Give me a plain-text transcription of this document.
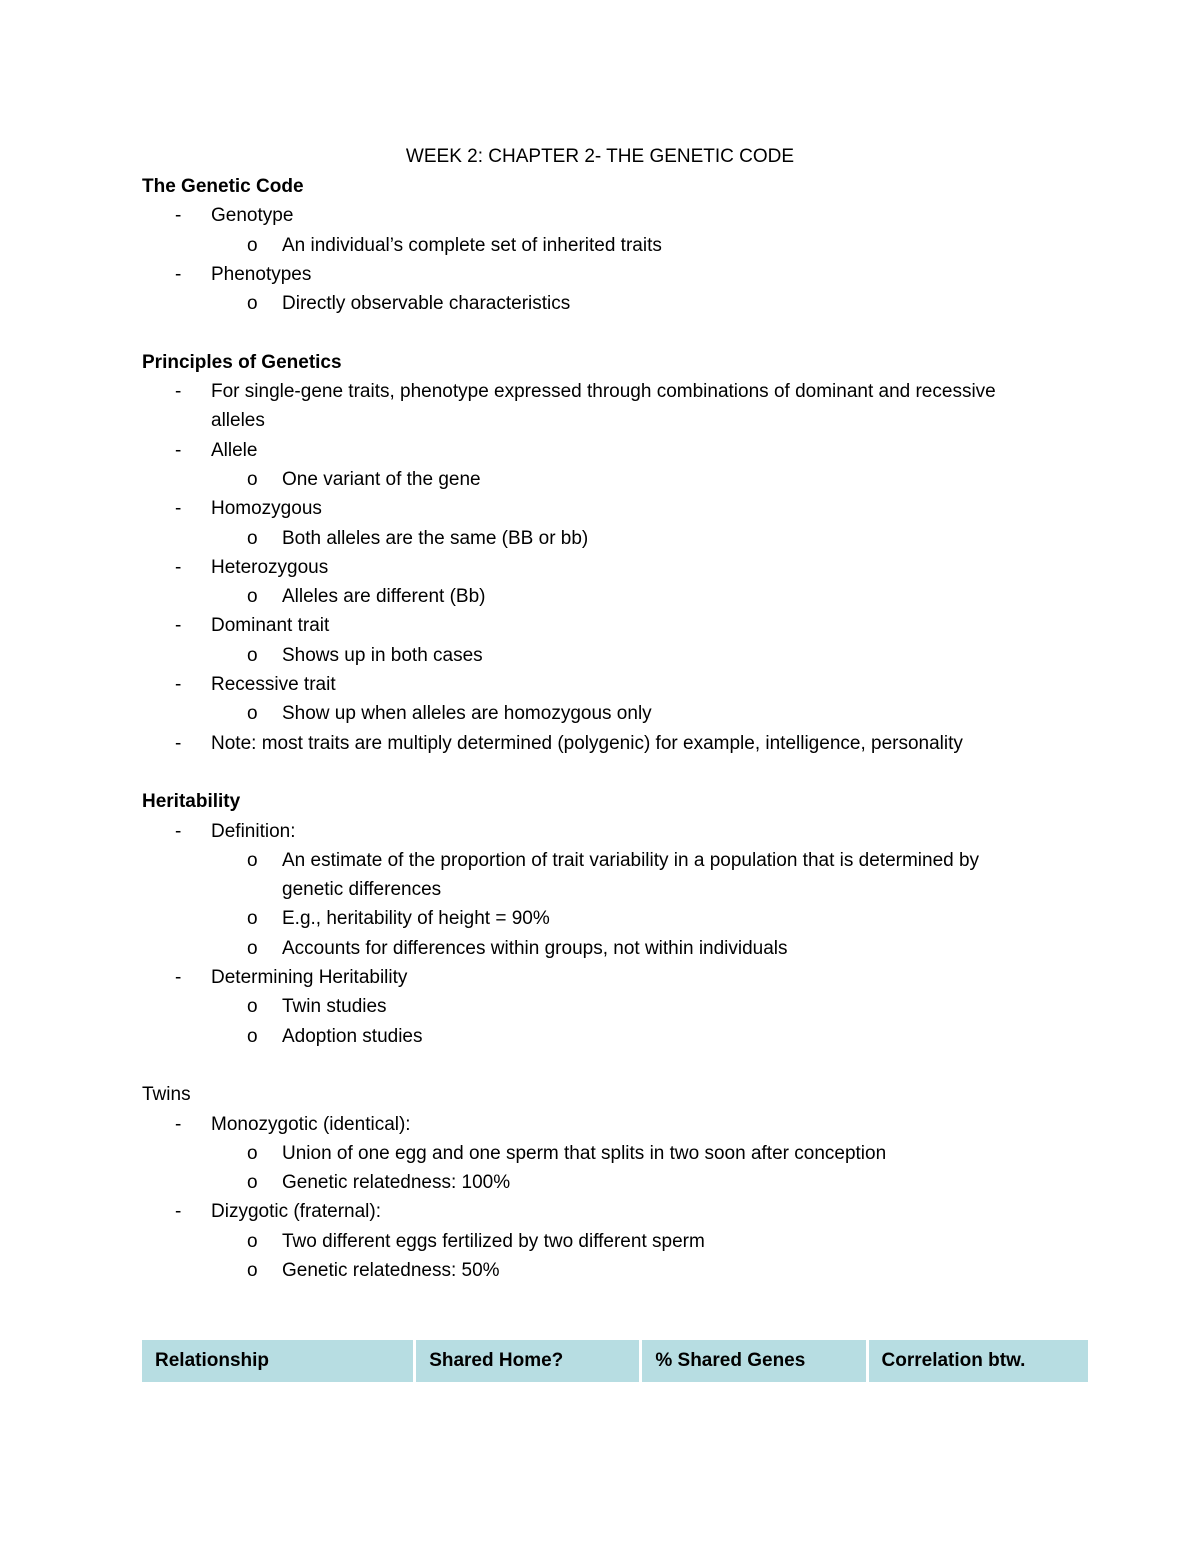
WEEK 2: CHAPTER 2- THE GENETIC CODE
The Genetic Code
- Genotype
o An individual’s complete set of inherited traits
- Phenotypes
o Directly observable characteristics
Principles of Genetics
- For single-gene traits, phenotype expressed through combinations of dominant and recessive alleles
- Allele
o One variant of the gene
- Homozygous
o Both alleles are the same (BB or bb)
- Heterozygous
o Alleles are different (Bb)
- Dominant trait
o Shows up in both cases
- Recessive trait
o Show up when alleles are homozygous only
- Note: most traits are multiply determined (polygenic) for example, intelligence, personality
Heritability
- Definition:
o An estimate of the proportion of trait variability in a population that is determined by genetic differences
o E.g., heritability of height = 90%
o Accounts for differences within groups, not within individuals
- Determining Heritability
o Twin studies
o Adoption studies
Twins
- Monozygotic (identical):
o Union of one egg and one sperm that splits in two soon after conception
o Genetic relatedness: 100%
- Dizygotic (fraternal):
o Two different eggs fertilized by two different sperm
o Genetic relatedness: 50%
Relationship	Shared Home?	% Shared Genes	Correlation btw.
